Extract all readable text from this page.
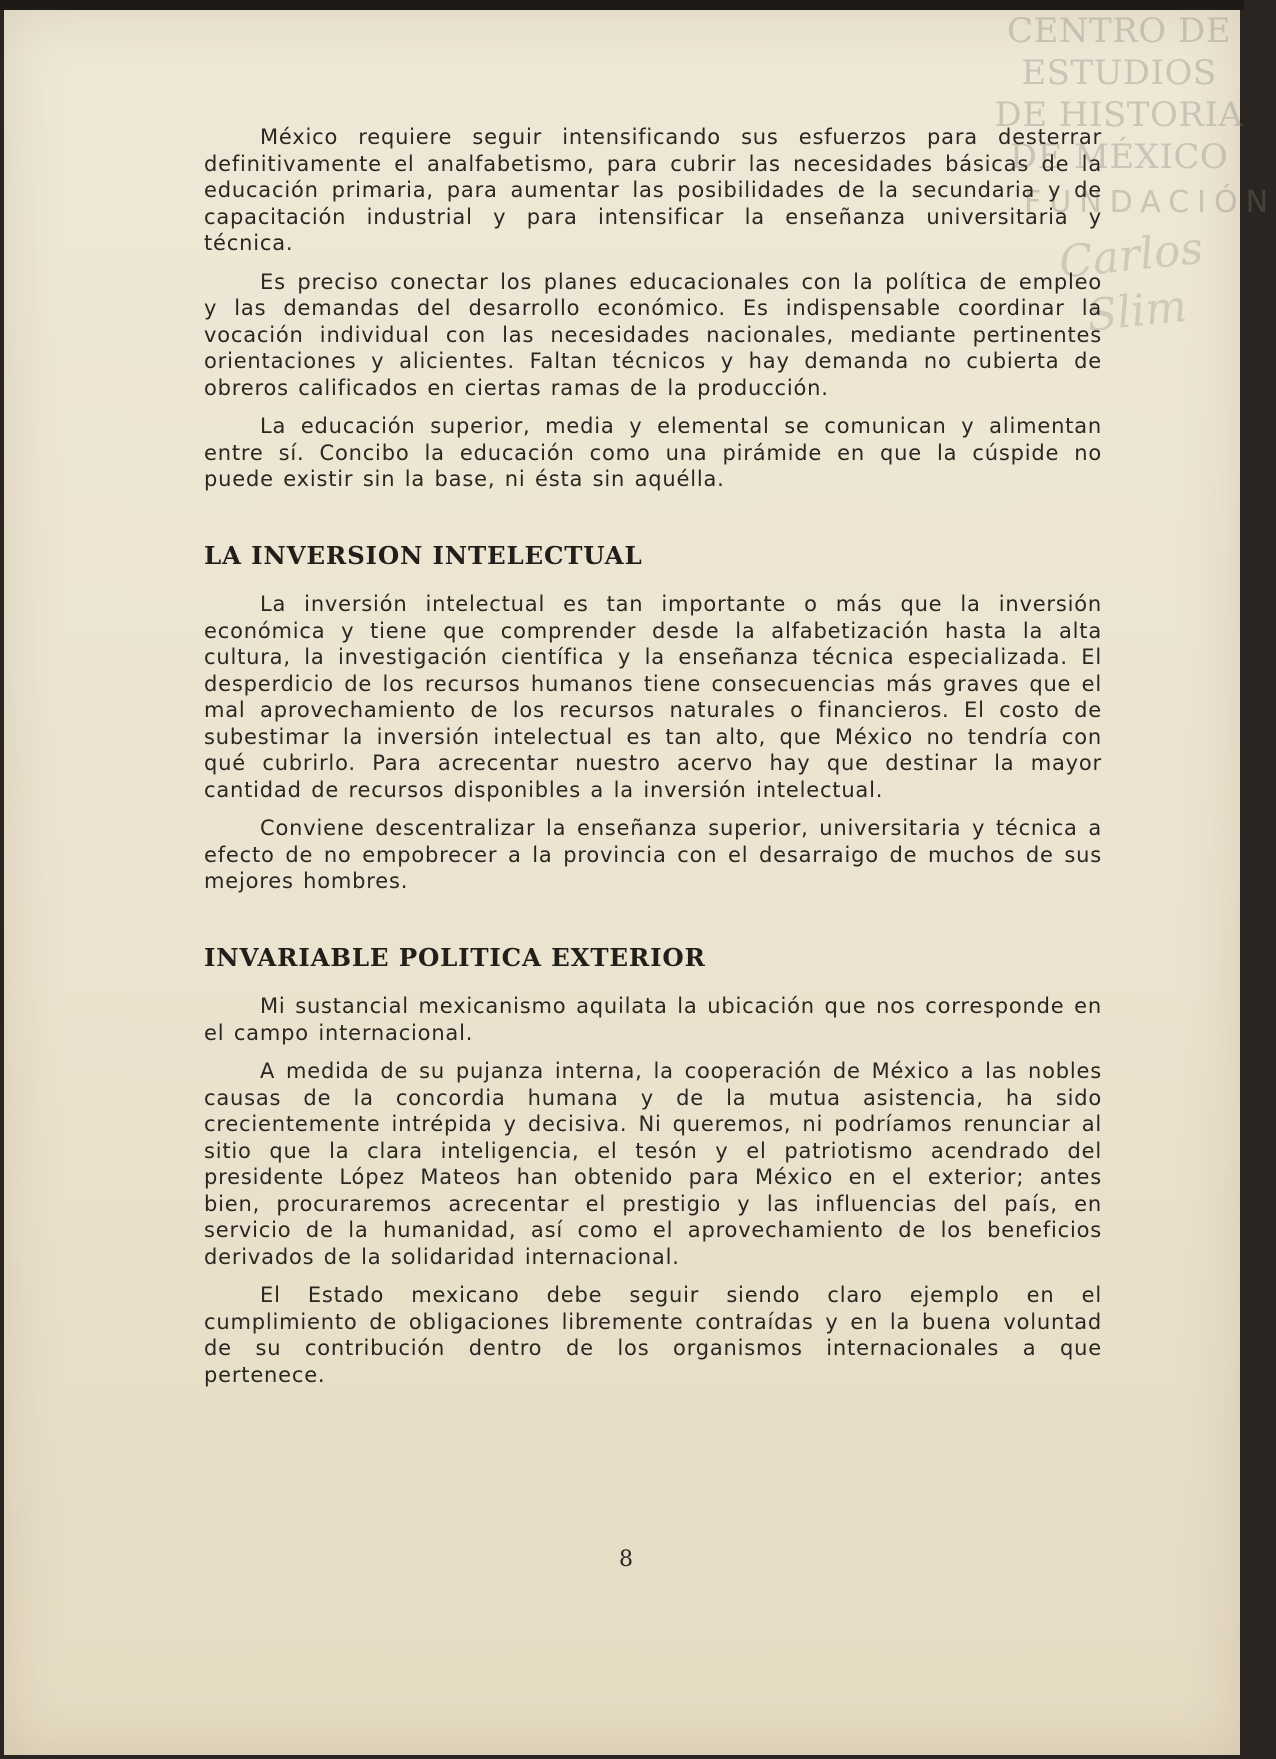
CENTRO DE
ESTUDIOS
DE HISTORIA
DE MÉXICO
FUNDACIÓN
Carlos Slim

México requiere seguir intensificando sus esfuerzos para desterrar definitivamente el analfabetismo, para cubrir las necesidades básicas de la educación primaria, para aumentar las posibilidades de la secundaria y de capacitación industrial y para intensificar la enseñanza universitaria y técnica.

Es preciso conectar los planes educacionales con la política de empleo y las demandas del desarrollo económico. Es indispensable coordinar la vocación individual con las necesidades nacionales, mediante pertinentes orientaciones y alicientes. Faltan técnicos y hay demanda no cubierta de obreros calificados en ciertas ramas de la producción.

La educación superior, media y elemental se comunican y alimentan entre sí. Concibo la educación como una pirámide en que la cúspide no puede existir sin la base, ni ésta sin aquélla.

LA INVERSION INTELECTUAL

La inversión intelectual es tan importante o más que la inversión económica y tiene que comprender desde la alfabetización hasta la alta cultura, la investigación científica y la enseñanza técnica especializada. El desperdicio de los recursos humanos tiene consecuencias más graves que el mal aprovechamiento de los recursos naturales o financieros. El costo de subestimar la inversión intelectual es tan alto, que México no tendría con qué cubrirlo. Para acrecentar nuestro acervo hay que destinar la mayor cantidad de recursos disponibles a la inversión intelectual.

Conviene descentralizar la enseñanza superior, universitaria y técnica a efecto de no empobrecer a la provincia con el desarraigo de muchos de sus mejores hombres.

INVARIABLE POLITICA EXTERIOR

Mi sustancial mexicanismo aquilata la ubicación que nos corresponde en el campo internacional.

A medida de su pujanza interna, la cooperación de México a las nobles causas de la concordia humana y de la mutua asistencia, ha sido crecientemente intrépida y decisiva. Ni queremos, ni podríamos renunciar al sitio que la clara inteligencia, el tesón y el patriotismo acendrado del presidente López Mateos han obtenido para México en el exterior; antes bien, procuraremos acrecentar el prestigio y las influencias del país, en servicio de la humanidad, así como el aprovechamiento de los beneficios derivados de la solidaridad internacional.

El Estado mexicano debe seguir siendo claro ejemplo en el cumplimiento de obligaciones libremente contraídas y en la buena voluntad de su contribución dentro de los organismos internacionales a que pertenece.

8
